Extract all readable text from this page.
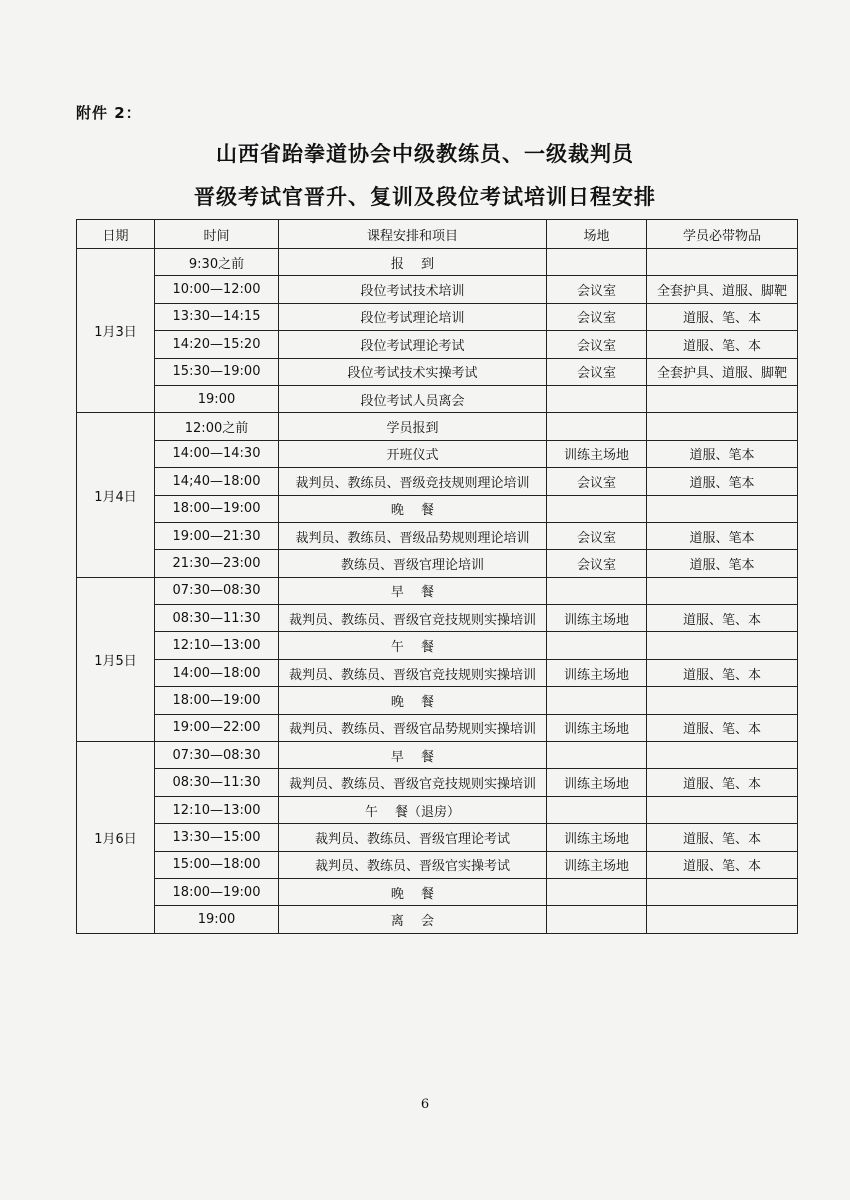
附件 2：
山西省跆拳道协会中级教练员、一级裁判员
晋级考试官晋升、复训及段位考试培训日程安排
日期	时间	课程安排和项目	场地	学员必带物品
1月3日	9:30之前	报　 到		
	10:00—12:00	段位考试技术培训	会议室	全套护具、道服、脚靶
	13:30—14:15	段位考试理论培训	会议室	道服、笔、本
	14:20—15:20	段位考试理论考试	会议室	道服、笔、本
	15:30—19:00	段位考试技术实操考试	会议室	全套护具、道服、脚靶
	19:00	段位考试人员离会		
1月4日	12:00之前	学员报到		
	14:00—14:30	开班仪式	训练主场地	道服、笔本
	14;40—18:00	裁判员、教练员、晋级竞技规则理论培训	会议室	道服、笔本
	18:00—19:00	晚　 餐		
	19:00—21:30	裁判员、教练员、晋级品势规则理论培训	会议室	道服、笔本
	21:30—23:00	教练员、晋级官理论培训	会议室	道服、笔本
1月5日	07:30—08:30	早　 餐		
	08:30—11:30	裁判员、教练员、晋级官竞技规则实操培训	训练主场地	道服、笔、本
	12:10—13:00	午　 餐		
	14:00—18:00	裁判员、教练员、晋级官竞技规则实操培训	训练主场地	道服、笔、本
	18:00—19:00	晚　 餐		
	19:00—22:00	裁判员、教练员、晋级官品势规则实操培训	训练主场地	道服、笔、本
1月6日	07:30—08:30	早　 餐		
	08:30—11:30	裁判员、教练员、晋级官竞技规则实操培训	训练主场地	道服、笔、本
	12:10—13:00	午　 餐（退房）		
	13:30—15:00	裁判员、教练员、晋级官理论考试	训练主场地	道服、笔、本
	15:00—18:00	裁判员、教练员、晋级官实操考试	训练主场地	道服、笔、本
	18:00—19:00	晚　 餐		
	19:00	离　 会		
6
